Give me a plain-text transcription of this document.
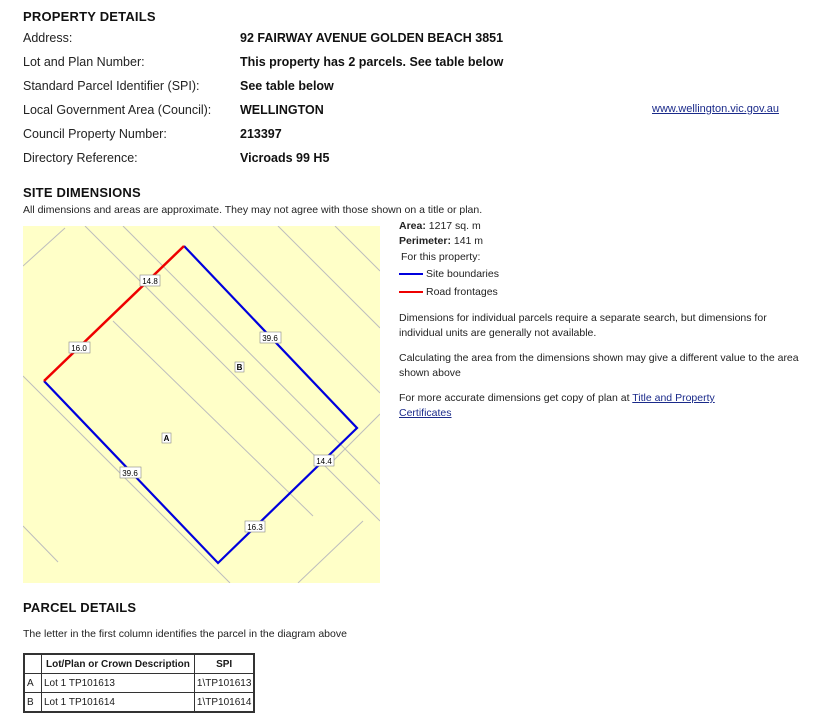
PROPERTY DETAILS
Address:	92 FAIRWAY AVENUE GOLDEN BEACH 3851
Lot and Plan Number:	This property has 2 parcels. See table below
Standard Parcel Identifier (SPI):	See table below
Local Government Area (Council): WELLINGTON	www.wellington.vic.gov.au
Council Property Number:	213397
Directory Reference:	Vicroads 99 H5
SITE DIMENSIONS
All dimensions and areas are approximate. They may not agree with those shown on a title or plan.
14.8
16.0
39.6
39.6
14.4
16.3
B
A
Area: 1217 sq. m
Perimeter: 141 m
For this property:
Site boundaries
Road frontages
Dimensions for individual parcels require a separate search, but dimensions for individual units are generally not available.
Calculating the area from the dimensions shown may give a different value to the area shown above
For more accurate dimensions get copy of plan at Title and Property Certificates
PARCEL DETAILS
The letter in the first column identifies the parcel in the diagram above
	Lot/Plan or Crown Description	SPI
A	Lot 1 TP101613	1\TP101613
B	Lot 1 TP101614	1\TP101614
